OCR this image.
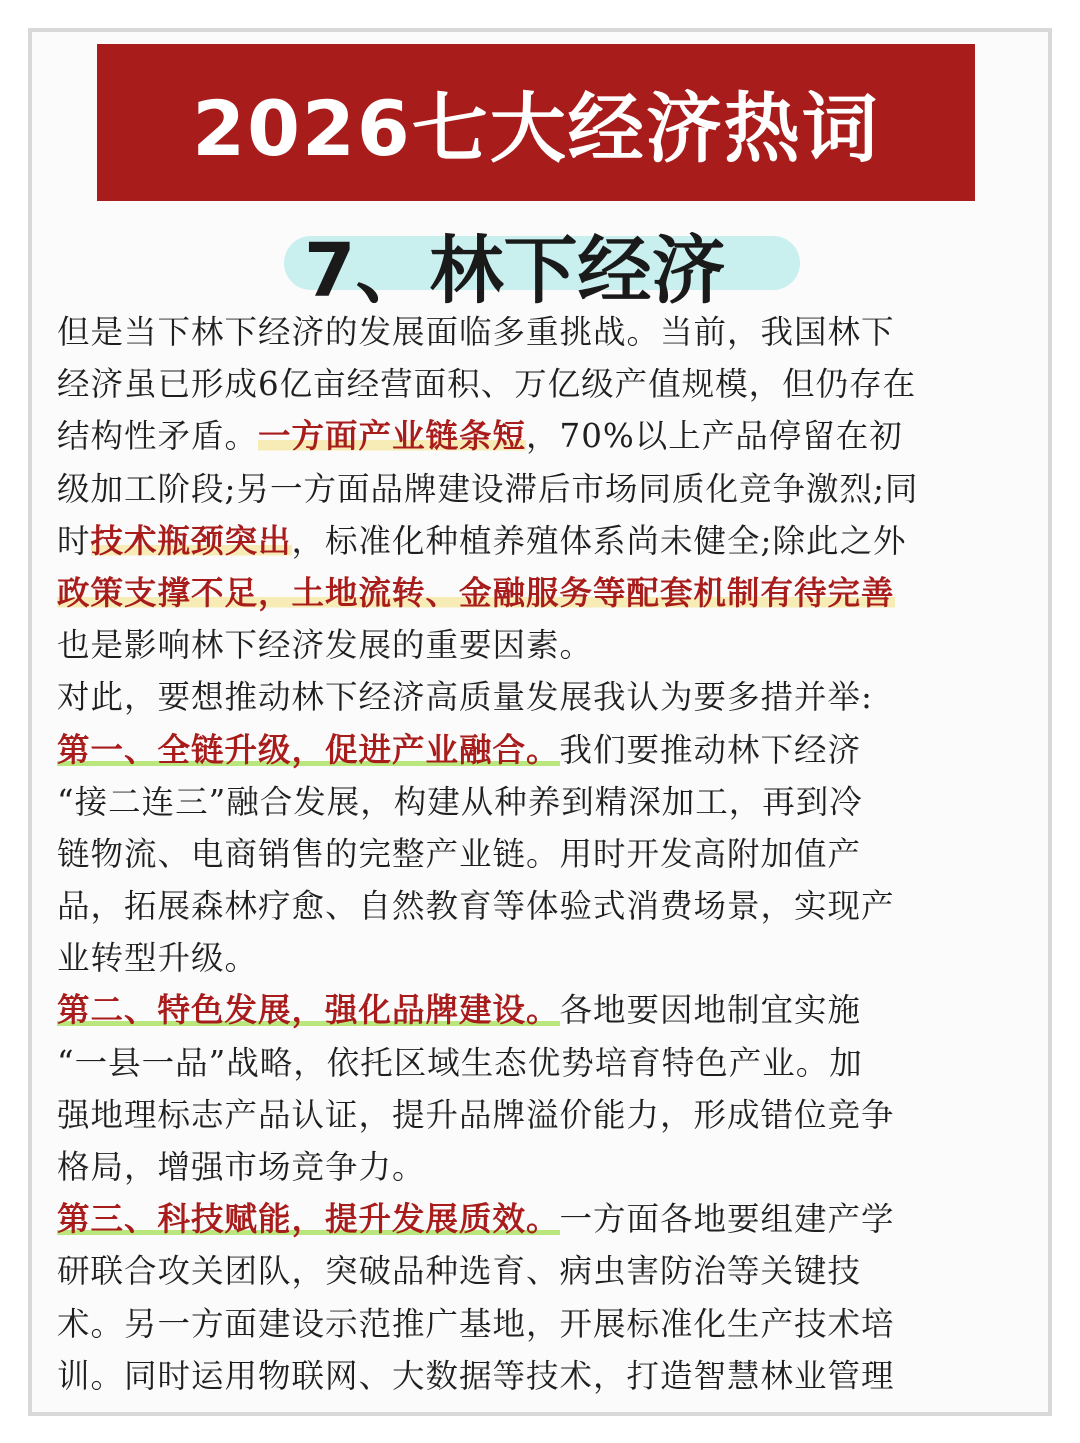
2026七大经济热词
7、林下经济
但是当下林下经济的发展面临多重挑战。当前，我国林下
经济虽已形成6亿亩经营面积、万亿级产值规模，但仍存在
结构性矛盾。一方面产业链条短，70%以上产品停留在初
级加工阶段;另一方面品牌建设滞后市场同质化竞争激烈;同
时技术瓶颈突出，标准化种植养殖体系尚未健全;除此之外
政策支撑不足，土地流转、金融服务等配套机制有待完善
也是影响林下经济发展的重要因素。
对此，要想推动林下经济高质量发展我认为要多措并举:
第一、全链升级，促进产业融合。我们要推动林下经济
“接二连三”融合发展，构建从种养到精深加工，再到冷
链物流、电商销售的完整产业链。用时开发高附加值产
品，拓展森林疗愈、自然教育等体验式消费场景，实现产
业转型升级。
第二、特色发展，强化品牌建设。各地要因地制宜实施
“一县一品”战略，依托区域生态优势培育特色产业。加
强地理标志产品认证，提升品牌溢价能力，形成错位竞争
格局，增强市场竞争力。
第三、科技赋能，提升发展质效。一方面各地要组建产学
研联合攻关团队，突破品种选育、病虫害防治等关键技
术。另一方面建设示范推广基地，开展标准化生产技术培
训。同时运用物联网、大数据等技术，打造智慧林业管理
